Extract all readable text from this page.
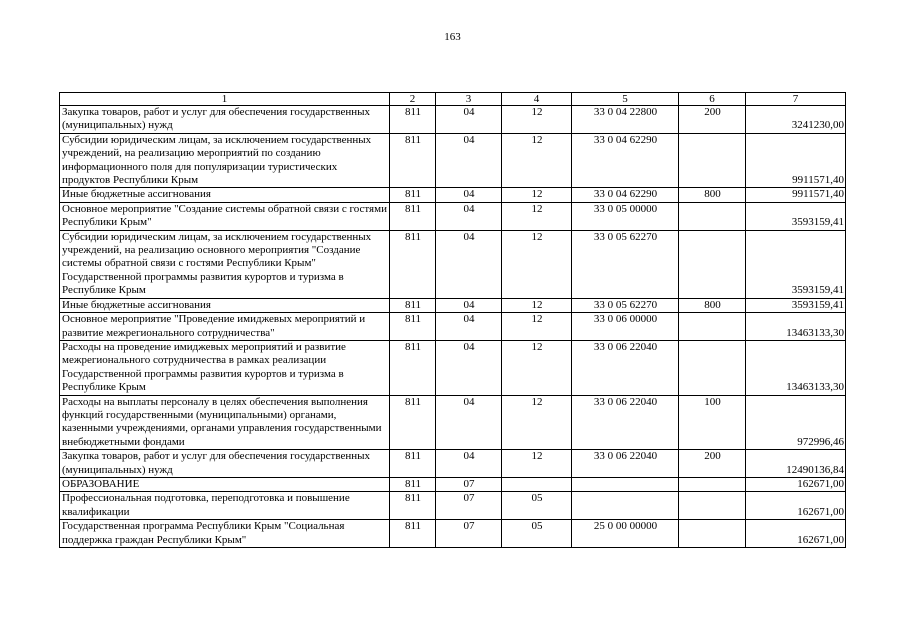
163
1	2	3	4	5	6	7
Закупка товаров, работ и услуг для обеспечения государственных (муниципальных) нужд	811	04	12	33 0 04 22800	200	3241230,00
Субсидии юридическим лицам, за исключением государственных учреждений, на реализацию мероприятий по созданию информационного поля для популяризации туристических продуктов Республики Крым	811	04	12	33 0 04 62290		9911571,40
Иные бюджетные ассигнования	811	04	12	33 0 04 62290	800	9911571,40
Основное мероприятие "Создание системы обратной связи с гостями Республики Крым"	811	04	12	33 0 05 00000		3593159,41
Субсидии юридическим лицам, за исключением государственных учреждений, на реализацию основного мероприятия "Создание системы обратной связи с гостями Республики Крым" Государственной программы развития курортов и туризма в Республике Крым	811	04	12	33 0 05 62270		3593159,41
Иные бюджетные ассигнования	811	04	12	33 0 05 62270	800	3593159,41
Основное мероприятие "Проведение имиджевых мероприятий и развитие межрегионального сотрудничества"	811	04	12	33 0 06 00000		13463133,30
Расходы на проведение имиджевых мероприятий и развитие межрегионального сотрудничества в рамках реализации Государственной программы развития курортов и туризма в Республике Крым	811	04	12	33 0 06 22040		13463133,30
Расходы на выплаты персоналу в целях обеспечения выполнения функций государственными (муниципальными) органами, казенными учреждениями, органами управления государственными внебюджетными фондами	811	04	12	33 0 06 22040	100	972996,46
Закупка товаров, работ и услуг для обеспечения государственных (муниципальных) нужд	811	04	12	33 0 06 22040	200	12490136,84
ОБРАЗОВАНИЕ	811	07				162671,00
Профессиональная подготовка, переподготовка и повышение квалификации	811	07	05			162671,00
Государственная программа Республики Крым "Социальная поддержка граждан Республики Крым"	811	07	05	25 0 00 00000		162671,00
